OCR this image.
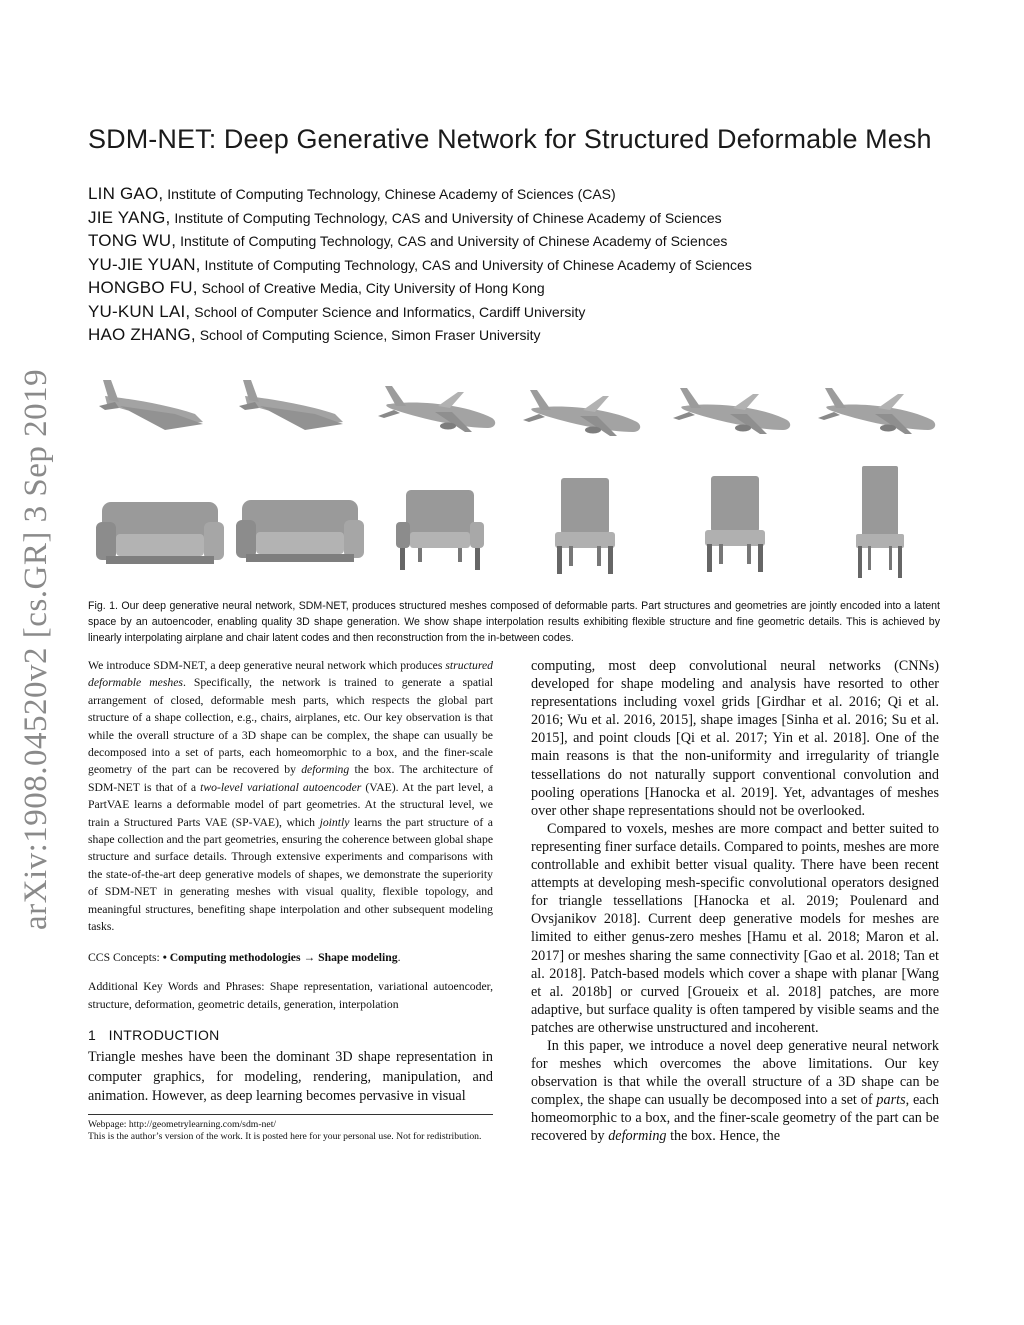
SDM-NET: Deep Generative Network for Structured Deformable Mesh
LIN GAO, Institute of Computing Technology, Chinese Academy of Sciences (CAS)
JIE YANG, Institute of Computing Technology, CAS and University of Chinese Academy of Sciences
TONG WU, Institute of Computing Technology, CAS and University of Chinese Academy of Sciences
YU-JIE YUAN, Institute of Computing Technology, CAS and University of Chinese Academy of Sciences
HONGBO FU, School of Creative Media, City University of Hong Kong
YU-KUN LAI, School of Computer Science and Informatics, Cardiff University
HAO ZHANG, School of Computing Science, Simon Fraser University
arXiv:1908.04520v2 [cs.GR] 3 Sep 2019	Fig. 1. Our deep generative neural network, SDM-NET, produces structured meshes composed of deformable parts. Part structures and geometries are jointly encoded into a latent space by an autoencoder, enabling quality 3D shape generation. We show shape interpolation results exhibiting flexible structure and fine geometric details. This is achieved by linearly interpolating airplane and chair latent codes and then reconstruction from the in-between codes.

We introduce SDM-NET, a deep generative neural network which produces structured deformable meshes. Specifically, the network is trained to generate a spatial arrangement of closed, deformable mesh parts, which respects the global part structure of a shape collection, e.g., chairs, airplanes, etc. Our key observation is that while the overall structure of a 3D shape can be complex, the shape can usually be decomposed into a set of parts, each homeomorphic to a box, and the finer-scale geometry of the part can be recovered by deforming the box. The architecture of SDM-NET is that of a two-level variational autoencoder (VAE). At the part level, a PartVAE learns a deformable model of part geometries. At the structural level, we train a Structured Parts VAE (SP-VAE), which jointly learns the part structure of a shape collection and the part geometries, ensuring the coherence between global shape structure and surface details. Through extensive experiments and comparisons with the state-of-the-art deep generative models of shapes, we demonstrate the superiority of SDM-NET in generating meshes with visual quality, flexible topology, and meaningful structures, benefiting shape interpolation and other subsequent modeling tasks.

CCS Concepts: • Computing methodologies → Shape modeling.
Additional Key Words and Phrases: Shape representation, variational autoencoder, structure, deformation, geometric details, generation, interpolation
1 INTRODUCTION
Triangle meshes have been the dominant 3D shape representation in computer graphics, for modeling, rendering, manipulation, and animation. However, as deep learning becomes pervasive in visual
Webpage: http://geometrylearning.com/sdm-net/
This is the author’s version of the work. It is posted here for your personal use. Not for redistribution.

computing, most deep convolutional neural networks (CNNs) developed for shape modeling and analysis have resorted to other representations including voxel grids [Girdhar et al. 2016; Qi et al. 2016; Wu et al. 2016, 2015], shape images [Sinha et al. 2016; Su et al. 2015], and point clouds [Qi et al. 2017; Yin et al. 2018]. One of the main reasons is that the non-uniformity and irregularity of triangle tessellations do not naturally support conventional convolution and pooling operations [Hanocka et al. 2019]. Yet, advantages of meshes over other shape representations should not be overlooked.

Compared to voxels, meshes are more compact and better suited to representing finer surface details. Compared to points, meshes are more controllable and exhibit better visual quality. There have been recent attempts at developing mesh-specific convolutional operators designed for triangle tessellations [Hanocka et al. 2019; Poulenard and Ovsjanikov 2018]. Current deep generative models for meshes are limited to either genus-zero meshes [Hamu et al. 2018; Maron et al. 2017] or meshes sharing the same connectivity [Gao et al. 2018; Tan et al. 2018]. Patch-based models which cover a shape with planar [Wang et al. 2018b] or curved [Groueix et al. 2018] patches, are more adaptive, but surface quality is often tampered by visible seams and the patches are otherwise unstructured and incoherent.

In this paper, we introduce a novel deep generative neural network for meshes which overcomes the above limitations. Our key observation is that while the overall structure of a 3D shape can be complex, the shape can usually be decomposed into a set of parts, each homeomorphic to a box, and the finer-scale geometry of the part can be recovered by deforming the box. Hence, the
